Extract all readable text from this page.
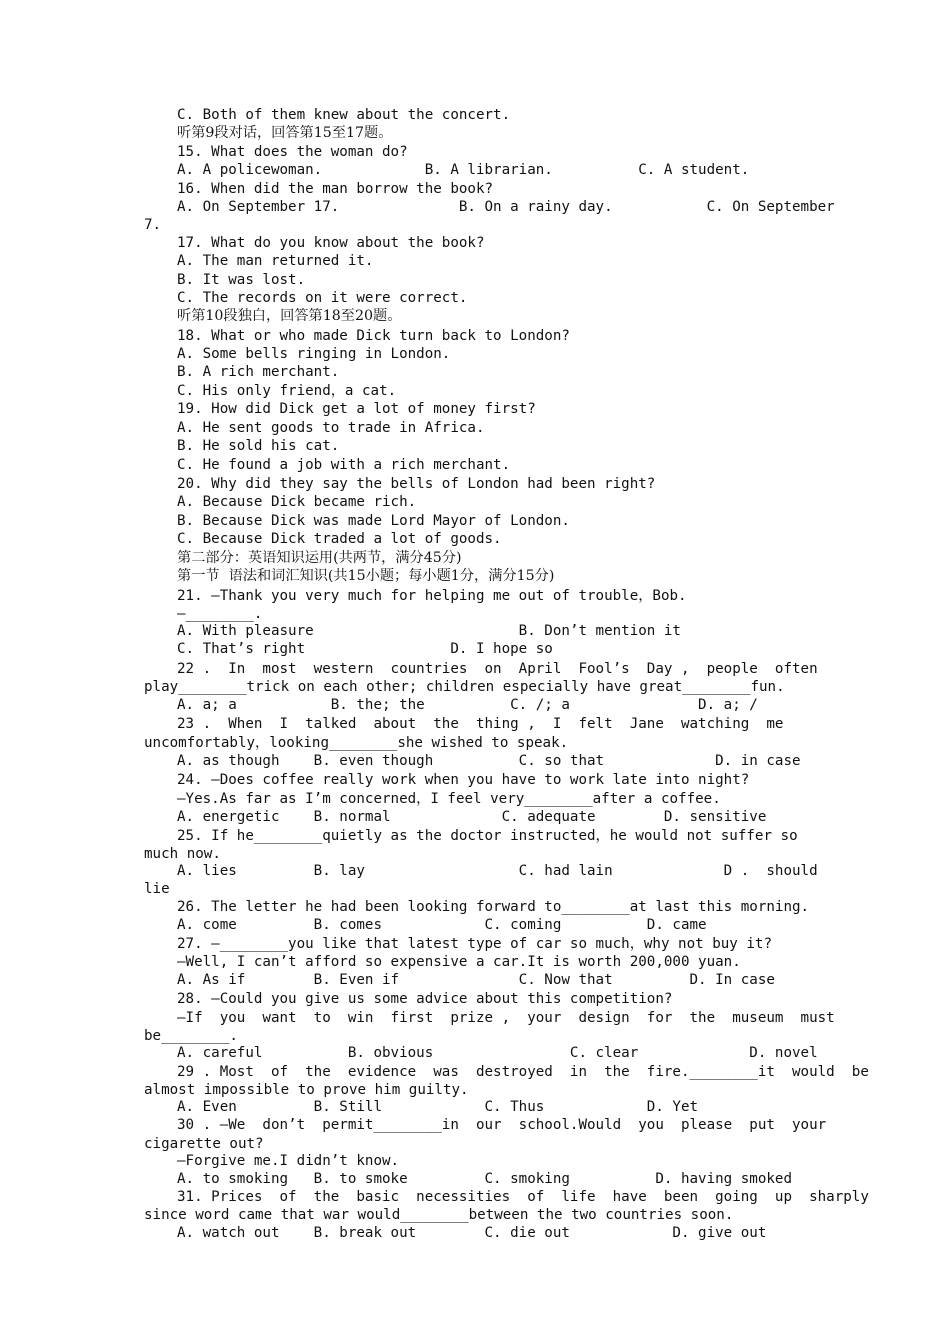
C. Both of them knew about the concert.
听第9段对话，回答第15至17题。
15. What does the woman do?
A. A policewoman.            B. A librarian.          C. A student.
16. When did the man borrow the book?
A. On September 17.              B. On a rainy day.           C. On September
7.
17. What do you know about the book?
A. The man returned it.
B. It was lost.
C. The records on it were correct.
听第10段独白，回答第18至20题。
18. What or who made Dick turn back to London?
A. Some bells ringing in London.
B. A rich merchant.
C. His only friend，a cat.
19. How did Dick get a lot of money first?
A. He sent goods to trade in Africa.
B. He sold his cat.
C. He found a job with a rich merchant.
20. Why did they say the bells of London had been right?
A. Because Dick became rich.
B. Because Dick was made Lord Mayor of London.
C. Because Dick traded a lot of goods.
第二部分：英语知识运用(共两节，满分45分)
第一节  语法和词汇知识(共15小题；每小题1分，满分15分)
21. —Thank you very much for helping me out of trouble，Bob.
—________.
A. With pleasure                        B. Don’t mention it
C. That’s right                 D. I hope so
22 .  In  most  western  countries  on  April  Fool’s  Day ,  people  often
play________trick on each other; children especially have great________fun.
A. a; a           B. the; the          C. /; a               D. a; /
23 .  When  I  talked  about  the  thing ,  I  felt  Jane  watching  me
uncomfortably，looking________she wished to speak.
A. as though    B. even though          C. so that             D. in case
24. —Does coffee really work when you have to work late into night?
—Yes.As far as I’m concerned，I feel very________after a coffee.
A. energetic    B. normal             C. adequate        D. sensitive
25. If he________quietly as the doctor instructed，he would not suffer so
much now.
A. lies         B. lay                  C. had lain             D .  should
lie
26. The letter he had been looking forward to________at last this morning.
A. come         B. comes            C. coming          D. came
27. —________you like that latest type of car so much，why not buy it?
—Well, I can’t afford so expensive a car.It is worth 200,000 yuan.
A. As if        B. Even if              C. Now that         D. In case
28. —Could you give us some advice about this competition?
—If  you  want  to  win  first  prize ,  your  design  for  the  museum  must
be________.
A. careful          B. obvious                C. clear             D. novel
29 . Most  of  the  evidence  was  destroyed  in  the  fire.________it  would  be
almost impossible to prove him guilty.
A. Even         B. Still            C. Thus            D. Yet
30 . —We  don’t  permit________in  our  school.Would  you  please  put  your
cigarette out?
—Forgive me.I didn’t know.
A. to smoking   B. to smoke         C. smoking          D. having smoked
31. Prices  of  the  basic  necessities  of  life  have  been  going  up  sharply
since word came that war would________between the two countries soon.
A. watch out    B. break out        C. die out            D. give out
